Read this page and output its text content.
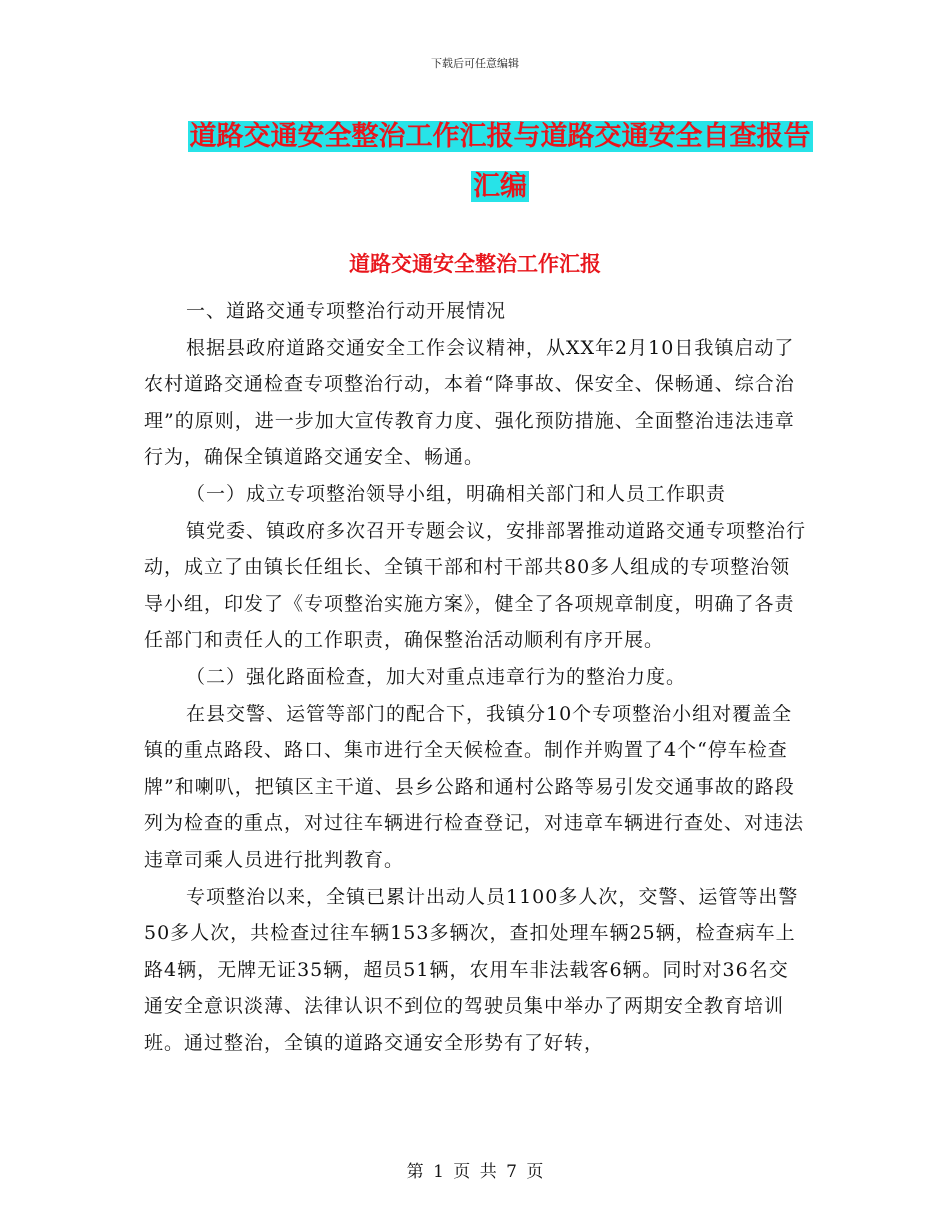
下载后可任意编辑
道路交通安全整治工作汇报与道路交通安全自查报告
汇编
道路交通安全整治工作汇报

一、道路交通专项整治行动开展情况

根据县政府道路交通安全工作会议精神，从XX年2月10日我镇启动了农村道路交通检查专项整治行动，本着“降事故、保安全、保畅通、综合治理”的原则，进一步加大宣传教育力度、强化预防措施、全面整治违法违章行为，确保全镇道路交通安全、畅通。

（一）成立专项整治领导小组，明确相关部门和人员工作职责

镇党委、镇政府多次召开专题会议，安排部署推动道路交通专项整治行动，成立了由镇长任组长、全镇干部和村干部共80多人组成的专项整治领导小组，印发了《专项整治实施方案》，健全了各项规章制度，明确了各责任部门和责任人的工作职责，确保整治活动顺利有序开展。

（二）强化路面检查，加大对重点违章行为的整治力度。

在县交警、运管等部门的配合下，我镇分10个专项整治小组对覆盖全镇的重点路段、路口、集市进行全天候检查。制作并购置了4个“停车检查牌”和喇叭，把镇区主干道、县乡公路和通村公路等易引发交通事故的路段列为检查的重点，对过往车辆进行检查登记，对违章车辆进行查处、对违法违章司乘人员进行批判教育。

专项整治以来，全镇已累计出动人员1100多人次，交警、运管等出警50多人次，共检查过往车辆153多辆次，查扣处理车辆25辆，检查病车上路4辆，无牌无证35辆，超员51辆，农用车非法载客6辆。同时对36名交通安全意识淡薄、法律认识不到位的驾驶员集中举办了两期安全教育培训班。通过整治，全镇的道路交通安全形势有了好转，

第 1 页 共 7 页
